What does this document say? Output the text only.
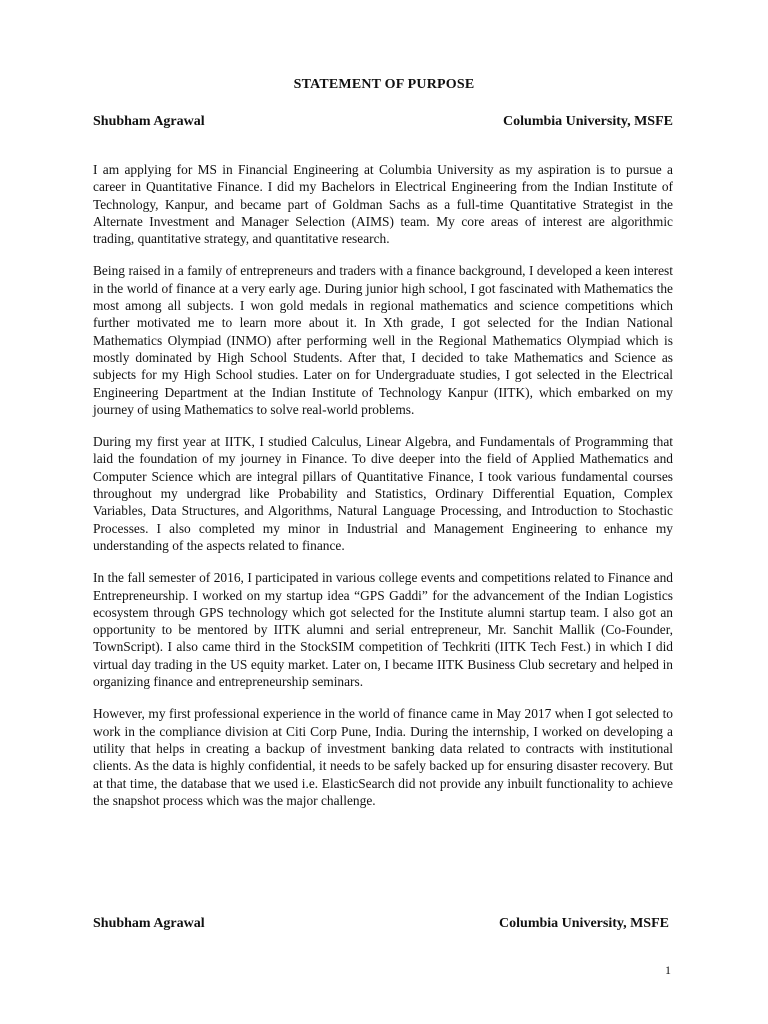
STATEMENT OF PURPOSE
Shubham Agrawal	Columbia University, MSFE

I am applying for MS in Financial Engineering at Columbia University as my aspiration is to pursue a career in Quantitative Finance. I did my Bachelors in Electrical Engineering from the Indian Institute of Technology, Kanpur, and became part of Goldman Sachs as a full-time Quantitative Strategist in the Alternate Investment and Manager Selection (AIMS) team. My core areas of interest are algorithmic trading, quantitative strategy, and quantitative research.

Being raised in a family of entrepreneurs and traders with a finance background, I developed a keen interest in the world of finance at a very early age. During junior high school, I got fascinated with Mathematics the most among all subjects. I won gold medals in regional mathematics and science competitions which further motivated me to learn more about it. In Xth grade, I got selected for the Indian National Mathematics Olympiad (INMO) after performing well in the Regional Mathematics Olympiad which is mostly dominated by High School Students. After that, I decided to take Mathematics and Science as subjects for my High School studies. Later on for Undergraduate studies, I got selected in the Electrical Engineering Department at the Indian Institute of Technology Kanpur (IITK), which embarked on my journey of using Mathematics to solve real-world problems.

During my first year at IITK, I studied Calculus, Linear Algebra, and Fundamentals of Programming that laid the foundation of my journey in Finance. To dive deeper into the field of Applied Mathematics and Computer Science which are integral pillars of Quantitative Finance, I took various fundamental courses throughout my undergrad like Probability and Statistics, Ordinary Differential Equation, Complex Variables, Data Structures, and Algorithms, Natural Language Processing, and Introduction to Stochastic Processes. I also completed my minor in Industrial and Management Engineering to enhance my understanding of the aspects related to finance.

In the fall semester of 2016, I participated in various college events and competitions related to Finance and Entrepreneurship. I worked on my startup idea “GPS Gaddi” for the advancement of the Indian Logistics ecosystem through GPS technology which got selected for the Institute alumni startup team. I also got an opportunity to be mentored by IITK alumni and serial entrepreneur, Mr. Sanchit Mallik (Co-Founder, TownScript). I also came third in the StockSIM competition of Techkriti (IITK Tech Fest.) in which I did virtual day trading in the US equity market. Later on, I became IITK Business Club secretary and helped in organizing finance and entrepreneurship seminars.

However, my first professional experience in the world of finance came in May 2017 when I got selected to work in the compliance division at Citi Corp Pune, India. During the internship, I worked on developing a utility that helps in creating a backup of investment banking data related to contracts with institutional clients. As the data is highly confidential, it needs to be safely backed up for ensuring disaster recovery. But at that time, the database that we used i.e. ElasticSearch did not provide any inbuilt functionality to achieve the snapshot process which was the major challenge.

Shubham Agrawal	Columbia University, MSFE
1
